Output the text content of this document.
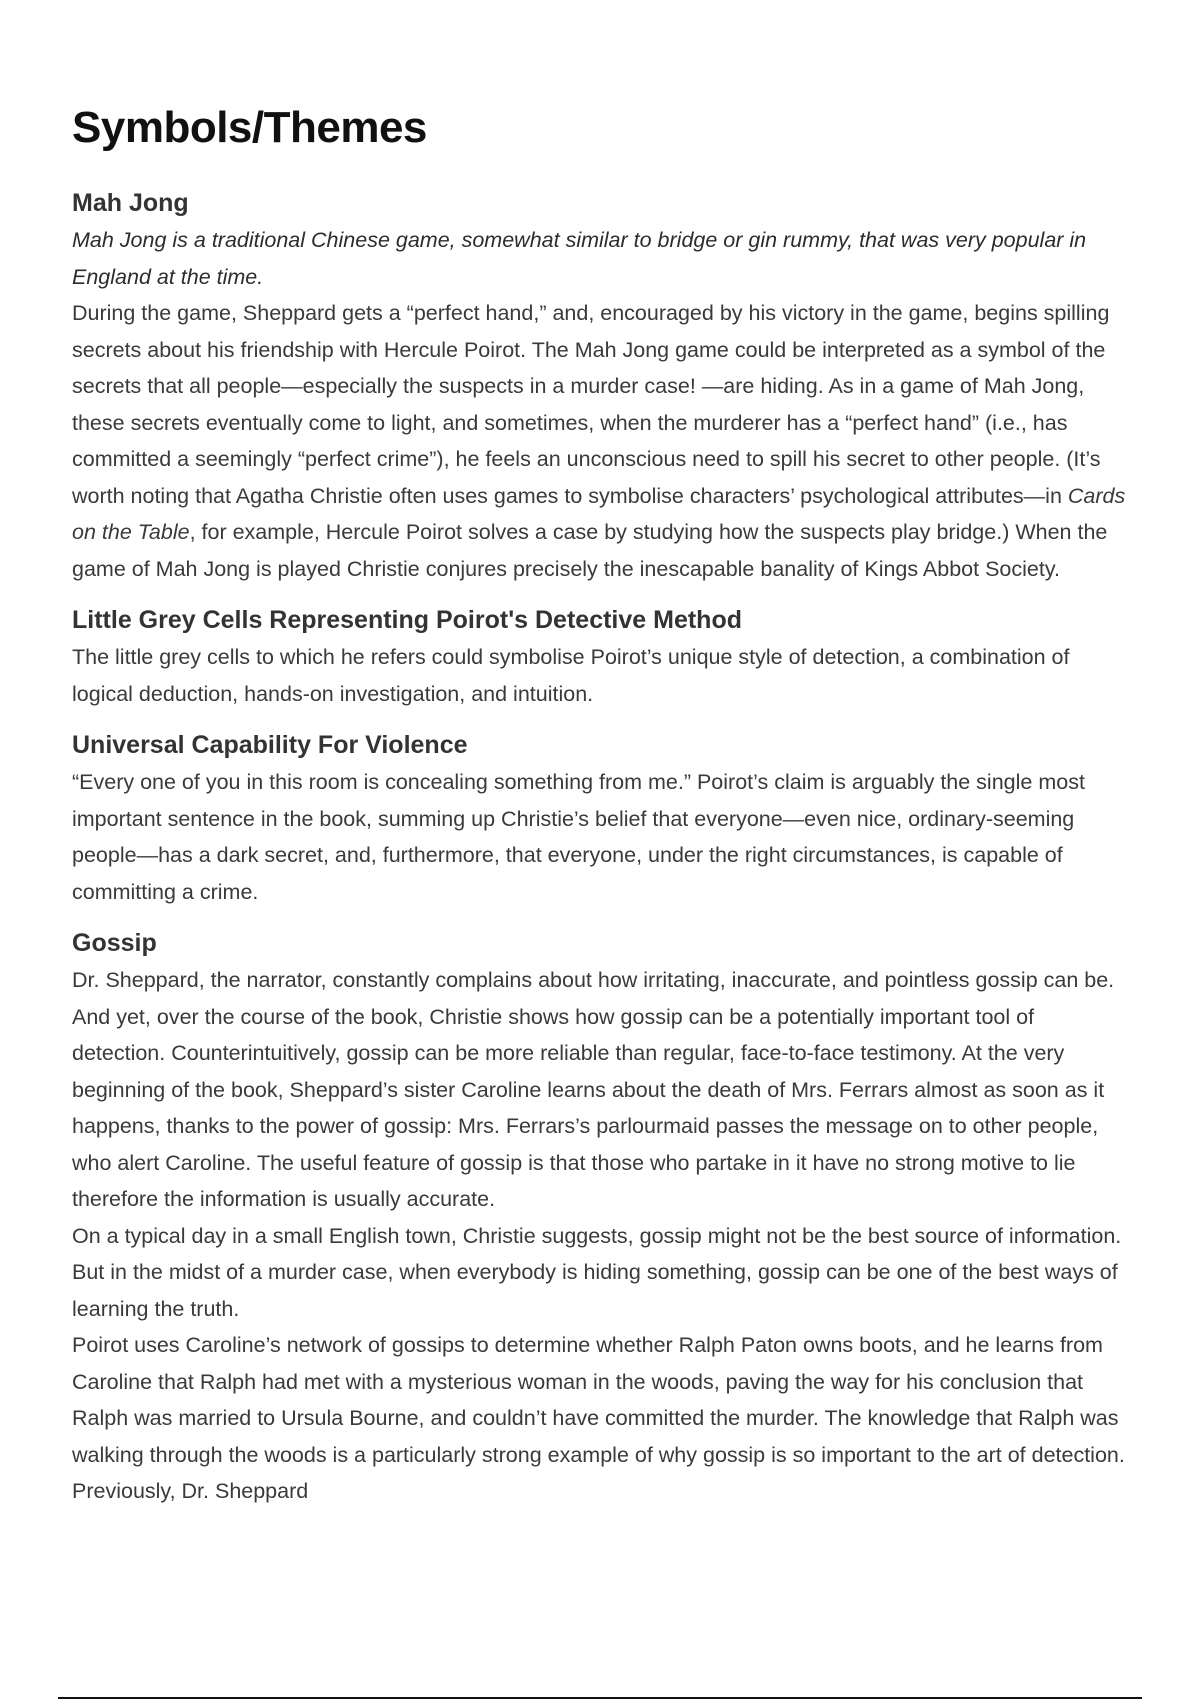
Symbols/Themes
Mah Jong

Mah Jong is a traditional Chinese game, somewhat similar to bridge or gin rummy, that was very popular in England at the time.

During the game, Sheppard gets a “perfect hand,” and, encouraged by his victory in the game, begins spilling secrets about his friendship with Hercule Poirot. The Mah Jong game could be interpreted as a symbol of the secrets that all people—especially the suspects in a murder case! —are hiding. As in a game of Mah Jong, these secrets eventually come to light, and sometimes, when the murderer has a “perfect hand” (i.e., has committed a seemingly “perfect crime”), he feels an unconscious need to spill his secret to other people. (It’s worth noting that Agatha Christie often uses games to symbolise characters’ psychological attributes—in Cards on the Table, for example, Hercule Poirot solves a case by studying how the suspects play bridge.) When the game of Mah Jong is played Christie conjures precisely the inescapable banality of Kings Abbot Society.

Little Grey Cells Representing Poirot's Detective Method

The little grey cells to which he refers could symbolise Poirot’s unique style of detection, a combination of logical deduction, hands-on investigation, and intuition.

Universal Capability For Violence

“Every one of you in this room is concealing something from me.” Poirot’s claim is arguably the single most important sentence in the book, summing up Christie’s belief that everyone—even nice, ordinary-seeming people—has a dark secret, and, furthermore, that everyone, under the right circumstances, is capable of committing a crime.

Gossip

Dr. Sheppard, the narrator, constantly complains about how irritating, inaccurate, and pointless gossip can be. And yet, over the course of the book, Christie shows how gossip can be a potentially important tool of detection. Counterintuitively, gossip can be more reliable than regular, face-to-face testimony. At the very beginning of the book, Sheppard’s sister Caroline learns about the death of Mrs. Ferrars almost as soon as it happens, thanks to the power of gossip: Mrs. Ferrars’s parlourmaid passes the message on to other people, who alert Caroline. The useful feature of gossip is that those who partake in it have no strong motive to lie therefore the information is usually accurate.

On a typical day in a small English town, Christie suggests, gossip might not be the best source of information. But in the midst of a murder case, when everybody is hiding something, gossip can be one of the best ways of learning the truth.

Poirot uses Caroline’s network of gossips to determine whether Ralph Paton owns boots, and he learns from Caroline that Ralph had met with a mysterious woman in the woods, paving the way for his conclusion that Ralph was married to Ursula Bourne, and couldn’t have committed the murder. The knowledge that Ralph was walking through the woods is a particularly strong example of why gossip is so important to the art of detection. Previously, Dr. Sheppard
